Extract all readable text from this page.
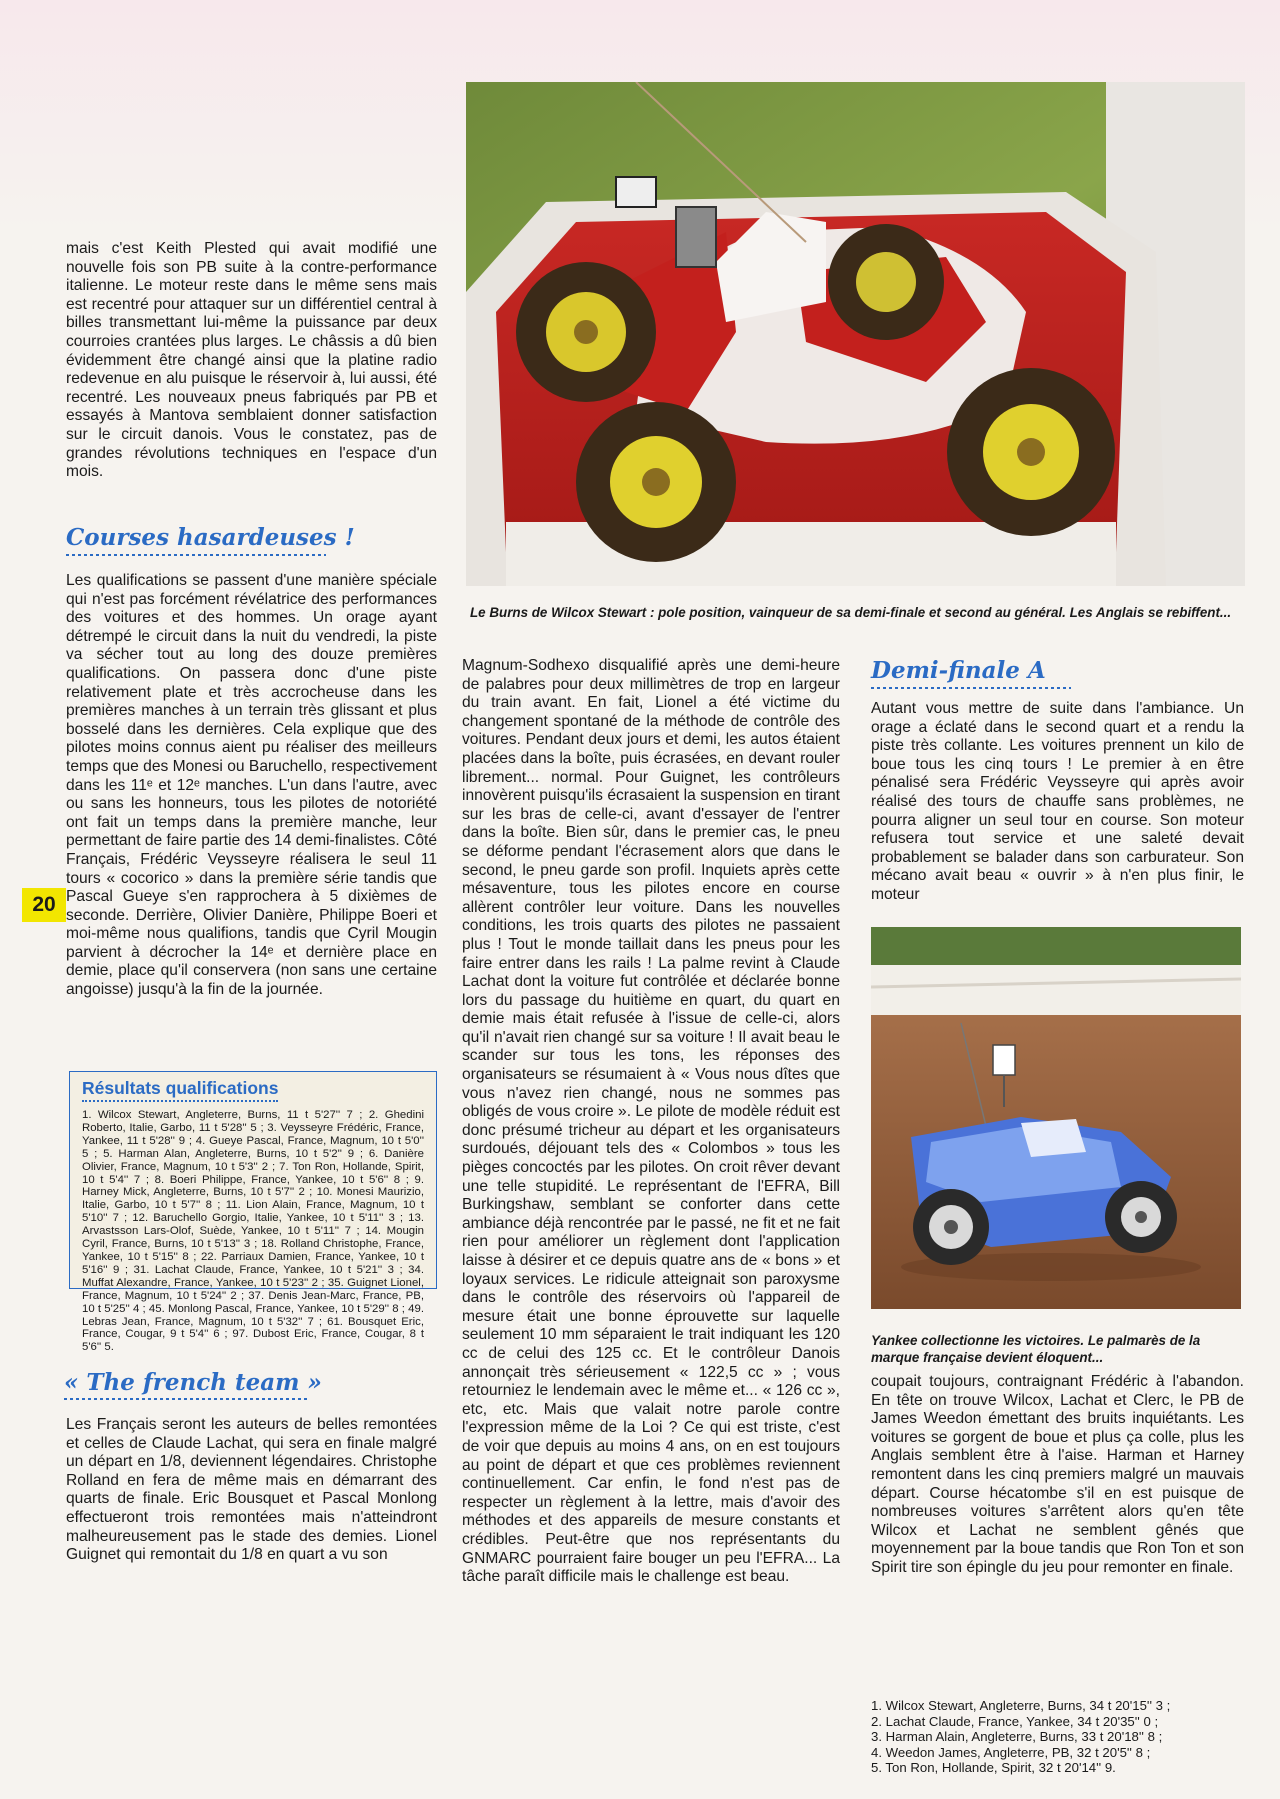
mais c'est Keith Plested qui avait modifié une nouvelle fois son PB suite à la contre-performance italienne. Le moteur reste dans le même sens mais est recentré pour attaquer sur un différentiel central à billes transmettant lui-même la puissance par deux courroies crantées plus larges. Le châssis a dû bien évidemment être changé ainsi que la platine radio redevenue en alu puisque le réservoir à, lui aussi, été recentré. Les nouveaux pneus fabriqués par PB et essayés à Mantova semblaient donner satisfaction sur le circuit danois. Vous le constatez, pas de grandes révolutions techniques en l'espace d'un mois.

Courses hasardeuses !

Les qualifications se passent d'une manière spéciale qui n'est pas forcément révélatrice des performances des voitures et des hommes. Un orage ayant détrempé le circuit dans la nuit du vendredi, la piste va sécher tout au long des douze premières qualifications. On passera donc d'une piste relativement plate et très accrocheuse dans les premières manches à un terrain très glissant et plus bosselé dans les dernières. Cela explique que des pilotes moins connus aient pu réaliser des meilleurs temps que des Monesi ou Baruchello, respectivement dans les 11ᵉ et 12ᵉ manches. L'un dans l'autre, avec ou sans les honneurs, tous les pilotes de notoriété ont fait un temps dans la première manche, leur permettant de faire partie des 14 demi-finalistes. Côté Français, Frédéric Veysseyre réalisera le seul 11 tours « cocorico » dans la première série tandis que Pascal Gueye s'en rapprochera à 5 dixièmes de seconde. Derrière, Olivier Danière, Philippe Boeri et moi-même nous qualifions, tandis que Cyril Mougin parvient à décrocher la 14ᵉ et dernière place en demie, place qu'il conservera (non sans une certaine angoisse) jusqu'à la fin de la journée.

20
Résultats qualifications

1. Wilcox Stewart, Angleterre, Burns, 11 t 5'27'' 7 ; 2. Ghedini Roberto, Italie, Garbo, 11 t 5'28'' 5 ; 3. Veysseyre Frédéric, France, Yankee, 11 t 5'28'' 9 ; 4. Gueye Pascal, France, Magnum, 10 t 5'0'' 5 ; 5. Harman Alan, Angleterre, Burns, 10 t 5'2'' 9 ; 6. Danière Olivier, France, Magnum, 10 t 5'3'' 2 ; 7. Ton Ron, Hollande, Spirit, 10 t 5'4'' 7 ; 8. Boeri Philippe, France, Yankee, 10 t 5'6'' 8 ; 9. Harney Mick, Angleterre, Burns, 10 t 5'7'' 2 ; 10. Monesi Maurizio, Italie, Garbo, 10 t 5'7'' 8 ; 11. Lion Alain, France, Magnum, 10 t 5'10'' 7 ; 12. Baruchello Gorgio, Italie, Yankee, 10 t 5'11'' 3 ; 13. Arvastsson Lars-Olof, Suède, Yankee, 10 t 5'11'' 7 ; 14. Mougin Cyril, France, Burns, 10 t 5'13'' 3 ; 18. Rolland Christophe, France, Yankee, 10 t 5'15'' 8 ; 22. Parriaux Damien, France, Yankee, 10 t 5'16'' 9 ; 31. Lachat Claude, France, Yankee, 10 t 5'21'' 3 ; 34. Muffat Alexandre, France, Yankee, 10 t 5'23'' 2 ; 35. Guignet Lionel, France, Magnum, 10 t 5'24'' 2 ; 37. Denis Jean-Marc, France, PB, 10 t 5'25'' 4 ; 45. Monlong Pascal, France, Yankee, 10 t 5'29'' 8 ; 49. Lebras Jean, France, Magnum, 10 t 5'32'' 7 ; 61. Bousquet Eric, France, Cougar, 9 t 5'4'' 6 ; 97. Dubost Eric, France, Cougar, 8 t 5'6'' 5.

« The french team »

Les Français seront les auteurs de belles remontées et celles de Claude Lachat, qui sera en finale malgré un départ en 1/8, deviennent légendaires. Christophe Rolland en fera de même mais en démarrant des quarts de finale. Eric Bousquet et Pascal Monlong effectueront trois remontées mais n'atteindront malheureusement pas le stade des demies. Lionel Guignet qui remontait du 1/8 en quart a vu son

Le Burns de Wilcox Stewart : pole position, vainqueur de sa demi-finale et second au général. Les Anglais se rebiffent...

Magnum-Sodhexo disqualifié après une demi-heure de palabres pour deux millimètres de trop en largeur du train avant. En fait, Lionel a été victime du changement spontané de la méthode de contrôle des voitures. Pendant deux jours et demi, les autos étaient placées dans la boîte, puis écrasées, en devant rouler librement... normal. Pour Guignet, les contrôleurs innovèrent puisqu'ils écrasaient la suspension en tirant sur les bras de celle-ci, avant d'essayer de l'entrer dans la boîte. Bien sûr, dans le premier cas, le pneu se déforme pendant l'écrasement alors que dans le second, le pneu garde son profil. Inquiets après cette mésaventure, tous les pilotes encore en course allèrent contrôler leur voiture. Dans les nouvelles conditions, les trois quarts des pilotes ne passaient plus ! Tout le monde taillait dans les pneus pour les faire entrer dans les rails ! La palme revint à Claude Lachat dont la voiture fut contrôlée et déclarée bonne lors du passage du huitième en quart, du quart en demie mais était refusée à l'issue de celle-ci, alors qu'il n'avait rien changé sur sa voiture ! Il avait beau le scander sur tous les tons, les réponses des organisateurs se résumaient à « Vous nous dîtes que vous n'avez rien changé, nous ne sommes pas obligés de vous croire ». Le pilote de modèle réduit est donc présumé tricheur au départ et les organisateurs surdoués, déjouant tels des « Colombos » tous les pièges concoctés par les pilotes. On croit rêver devant une telle stupidité. Le représentant de l'EFRA, Bill Burkingshaw, semblant se conforter dans cette ambiance déjà rencontrée par le passé, ne fit et ne fait rien pour améliorer un règlement dont l'application laisse à désirer et ce depuis quatre ans de « bons » et loyaux services. Le ridicule atteignait son paroxysme dans le contrôle des réservoirs où l'appareil de mesure était une bonne éprouvette sur laquelle seulement 10 mm séparaient le trait indiquant les 120 cc de celui des 125 cc. Et le contrôleur Danois annonçait très sérieusement « 122,5 cc » ; vous retourniez le lendemain avec le même et... « 126 cc », etc, etc. Mais que valait notre parole contre l'expression même de la Loi ? Ce qui est triste, c'est de voir que depuis au moins 4 ans, on en est toujours au point de départ et que ces problèmes reviennent continuellement. Car enfin, le fond n'est pas de respecter un règlement à la lettre, mais d'avoir des méthodes et des appareils de mesure constants et crédibles. Peut-être que nos représentants du GNMARC pourraient faire bouger un peu l'EFRA... La tâche paraît difficile mais le challenge est beau.

Demi-finale A

Autant vous mettre de suite dans l'ambiance. Un orage a éclaté dans le second quart et a rendu la piste très collante. Les voitures prennent un kilo de boue tous les cinq tours ! Le premier à en être pénalisé sera Frédéric Veysseyre qui après avoir réalisé des tours de chauffe sans problèmes, ne pourra aligner un seul tour en course. Son moteur refusera tout service et une saleté devait probablement se balader dans son carburateur. Son mécano avait beau « ouvrir » à n'en plus finir, le moteur

Yankee collectionne les victoires. Le palmarès de la marque française devient éloquent...

coupait toujours, contraignant Frédéric à l'abandon. En tête on trouve Wilcox, Lachat et Clerc, le PB de James Weedon émettant des bruits inquiétants. Les voitures se gorgent de boue et plus ça colle, plus les Anglais semblent être à l'aise. Harman et Harney remontent dans les cinq premiers malgré un mauvais départ. Course hécatombe s'il en est puisque de nombreuses voitures s'arrêtent alors qu'en tête Wilcox et Lachat ne semblent gênés que moyennement par la boue tandis que Ron Ton et son Spirit tire son épingle du jeu pour remonter en finale.

1. Wilcox Stewart, Angleterre, Burns, 34 t 20'15'' 3 ;
2. Lachat Claude, France, Yankee, 34 t 20'35'' 0 ;
3. Harman Alain, Angleterre, Burns, 33 t 20'18'' 8 ;
4. Weedon James, Angleterre, PB, 32 t 20'5'' 8 ;
5. Ton Ron, Hollande, Spirit, 32 t 20'14'' 9.
